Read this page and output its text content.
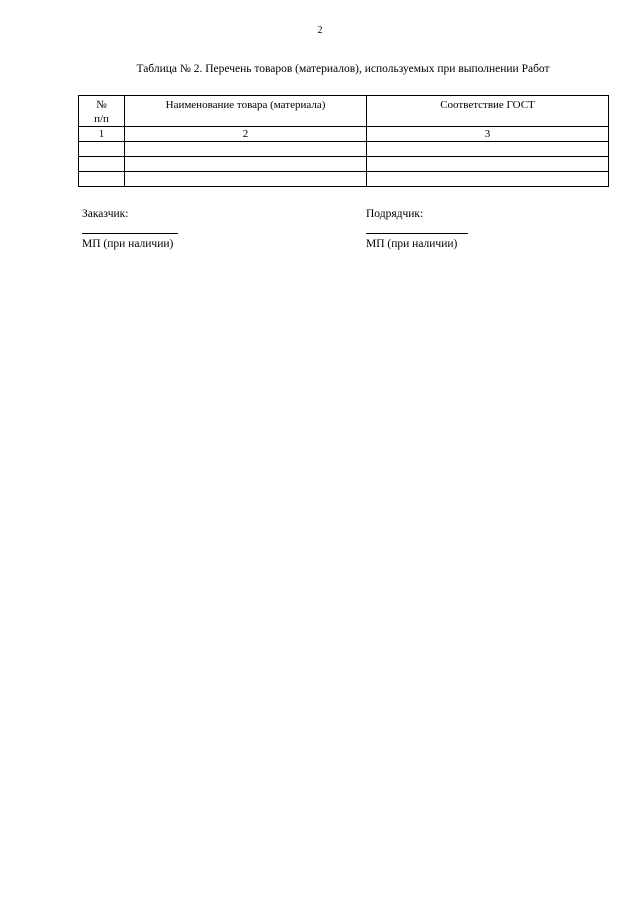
2
Таблица № 2. Перечень товаров (материалов), используемых при выполнении Работ
№
п/п	Наименование товара (материала)	Соответствие ГОСТ

1	2	3

Заказчик:
МП (при наличии)
Подрядчик:
МП (при наличии)
